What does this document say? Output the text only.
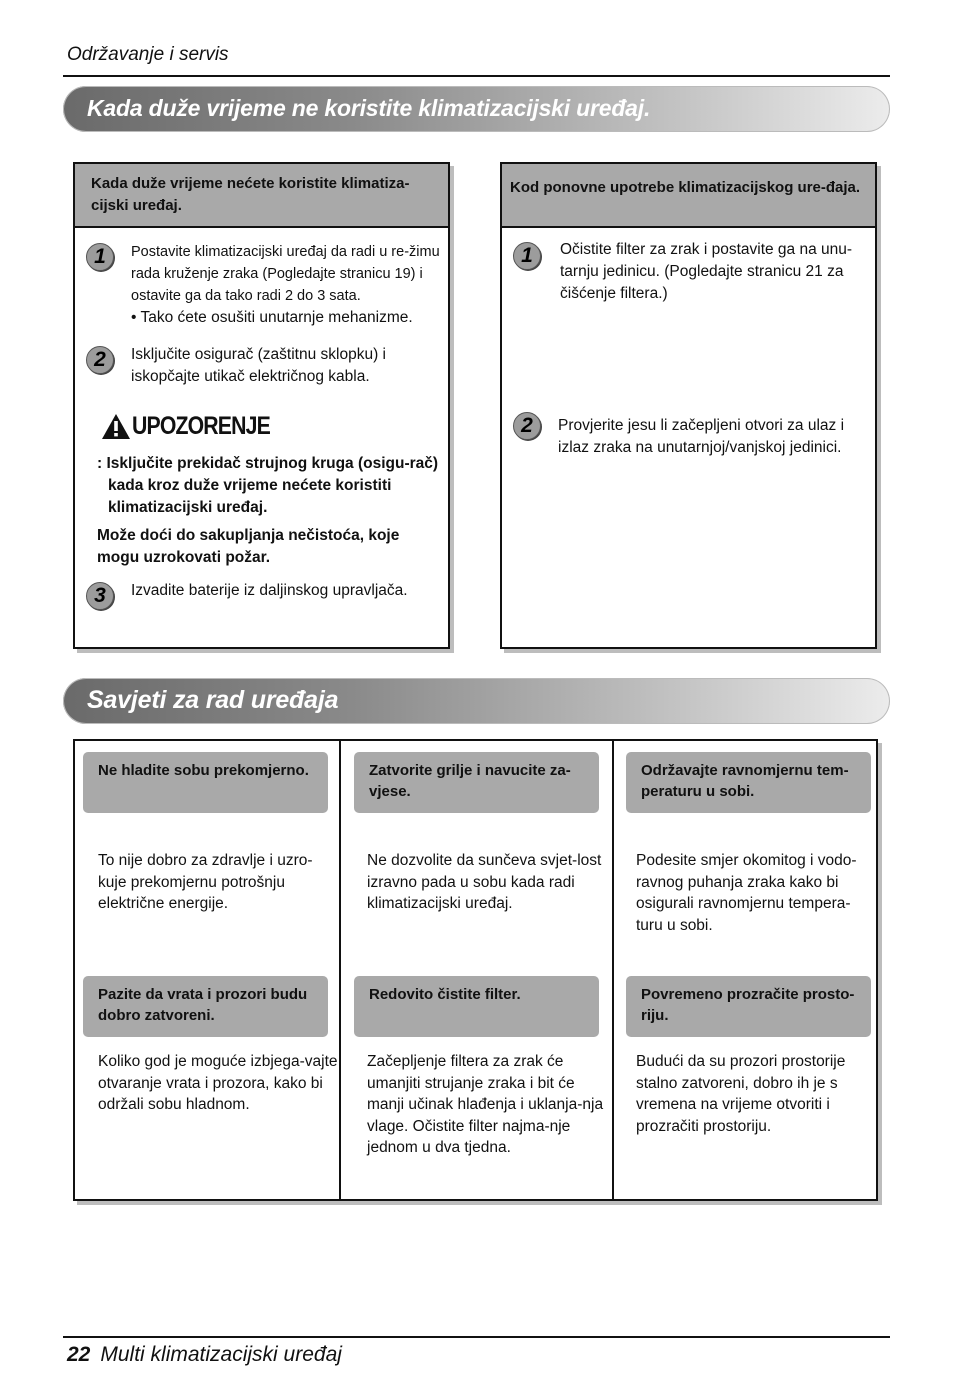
Održavanje i servis
Kada duže vrijeme ne koristite klimatizacijski uređaj.
Kada duže vrijeme nećete koristite klimatiza-cijski uređaj.
1	Postavite klimatizacijski uređaj da radi u re-žimu rada kruženje zraka (Pogledajte stranicu 19) i ostavite ga da tako radi 2 do 3 sata.
• Tako ćete osušiti unutarnje mehanizme.
2	Isključite osigurač (zaštitnu sklopku) i iskopčajte utikač električnog kabla.
UPOZORENJE
: Isključite prekidač strujnog kruga (osigu-rač) kada kroz duže vrijeme nećete koristiti klimatizacijski uređaj.
Može doći do sakupljanja nečistoća, koje mogu uzrokovati požar.
3	Izvadite baterije iz daljinskog upravljača.
Kod ponovne upotrebe klimatizacijskog ure-đaja.
1	Očistite filter za zrak i postavite ga na unu-tarnju jedinicu. (Pogledajte stranicu 21 za čišćenje filtera.)
2	Provjerite jesu li začepljeni otvori za ulaz i izlaz zraka na unutarnjoj/vanjskoj jedinici.
Savjeti za rad uređaja
Ne hladite sobu prekomjerno.
To nije dobro za zdravlje i uzro-kuje prekomjernu potrošnju električne energije.
Zatvorite grilje i navucite za-vjese.
Ne dozvolite da sunčeva svjet-lost izravno pada u sobu kada radi klimatizacijski uređaj.
Održavajte ravnomjernu tem-peraturu u sobi.
Podesite smjer okomitog i vodo-ravnog puhanja zraka kako bi osigurali ravnomjernu tempera-turu u sobi.
Pazite da vrata i prozori budu dobro zatvoreni.
Koliko god je moguće izbjega-vajte otvaranje vrata i prozora, kako bi održali sobu hladnom.
Redovito čistite filter.
Začepljenje filtera za zrak će umanjiti strujanje zraka i bit će manji učinak hlađenja i uklanja-nja vlage. Očistite filter najma-nje jednom u dva tjedna.
Povremeno prozračite prosto-riju.
Budući da su prozori prostorije stalno zatvoreni, dobro ih je s vremena na vrijeme otvoriti i prozračiti prostoriju.
22 Multi klimatizacijski uređaj
